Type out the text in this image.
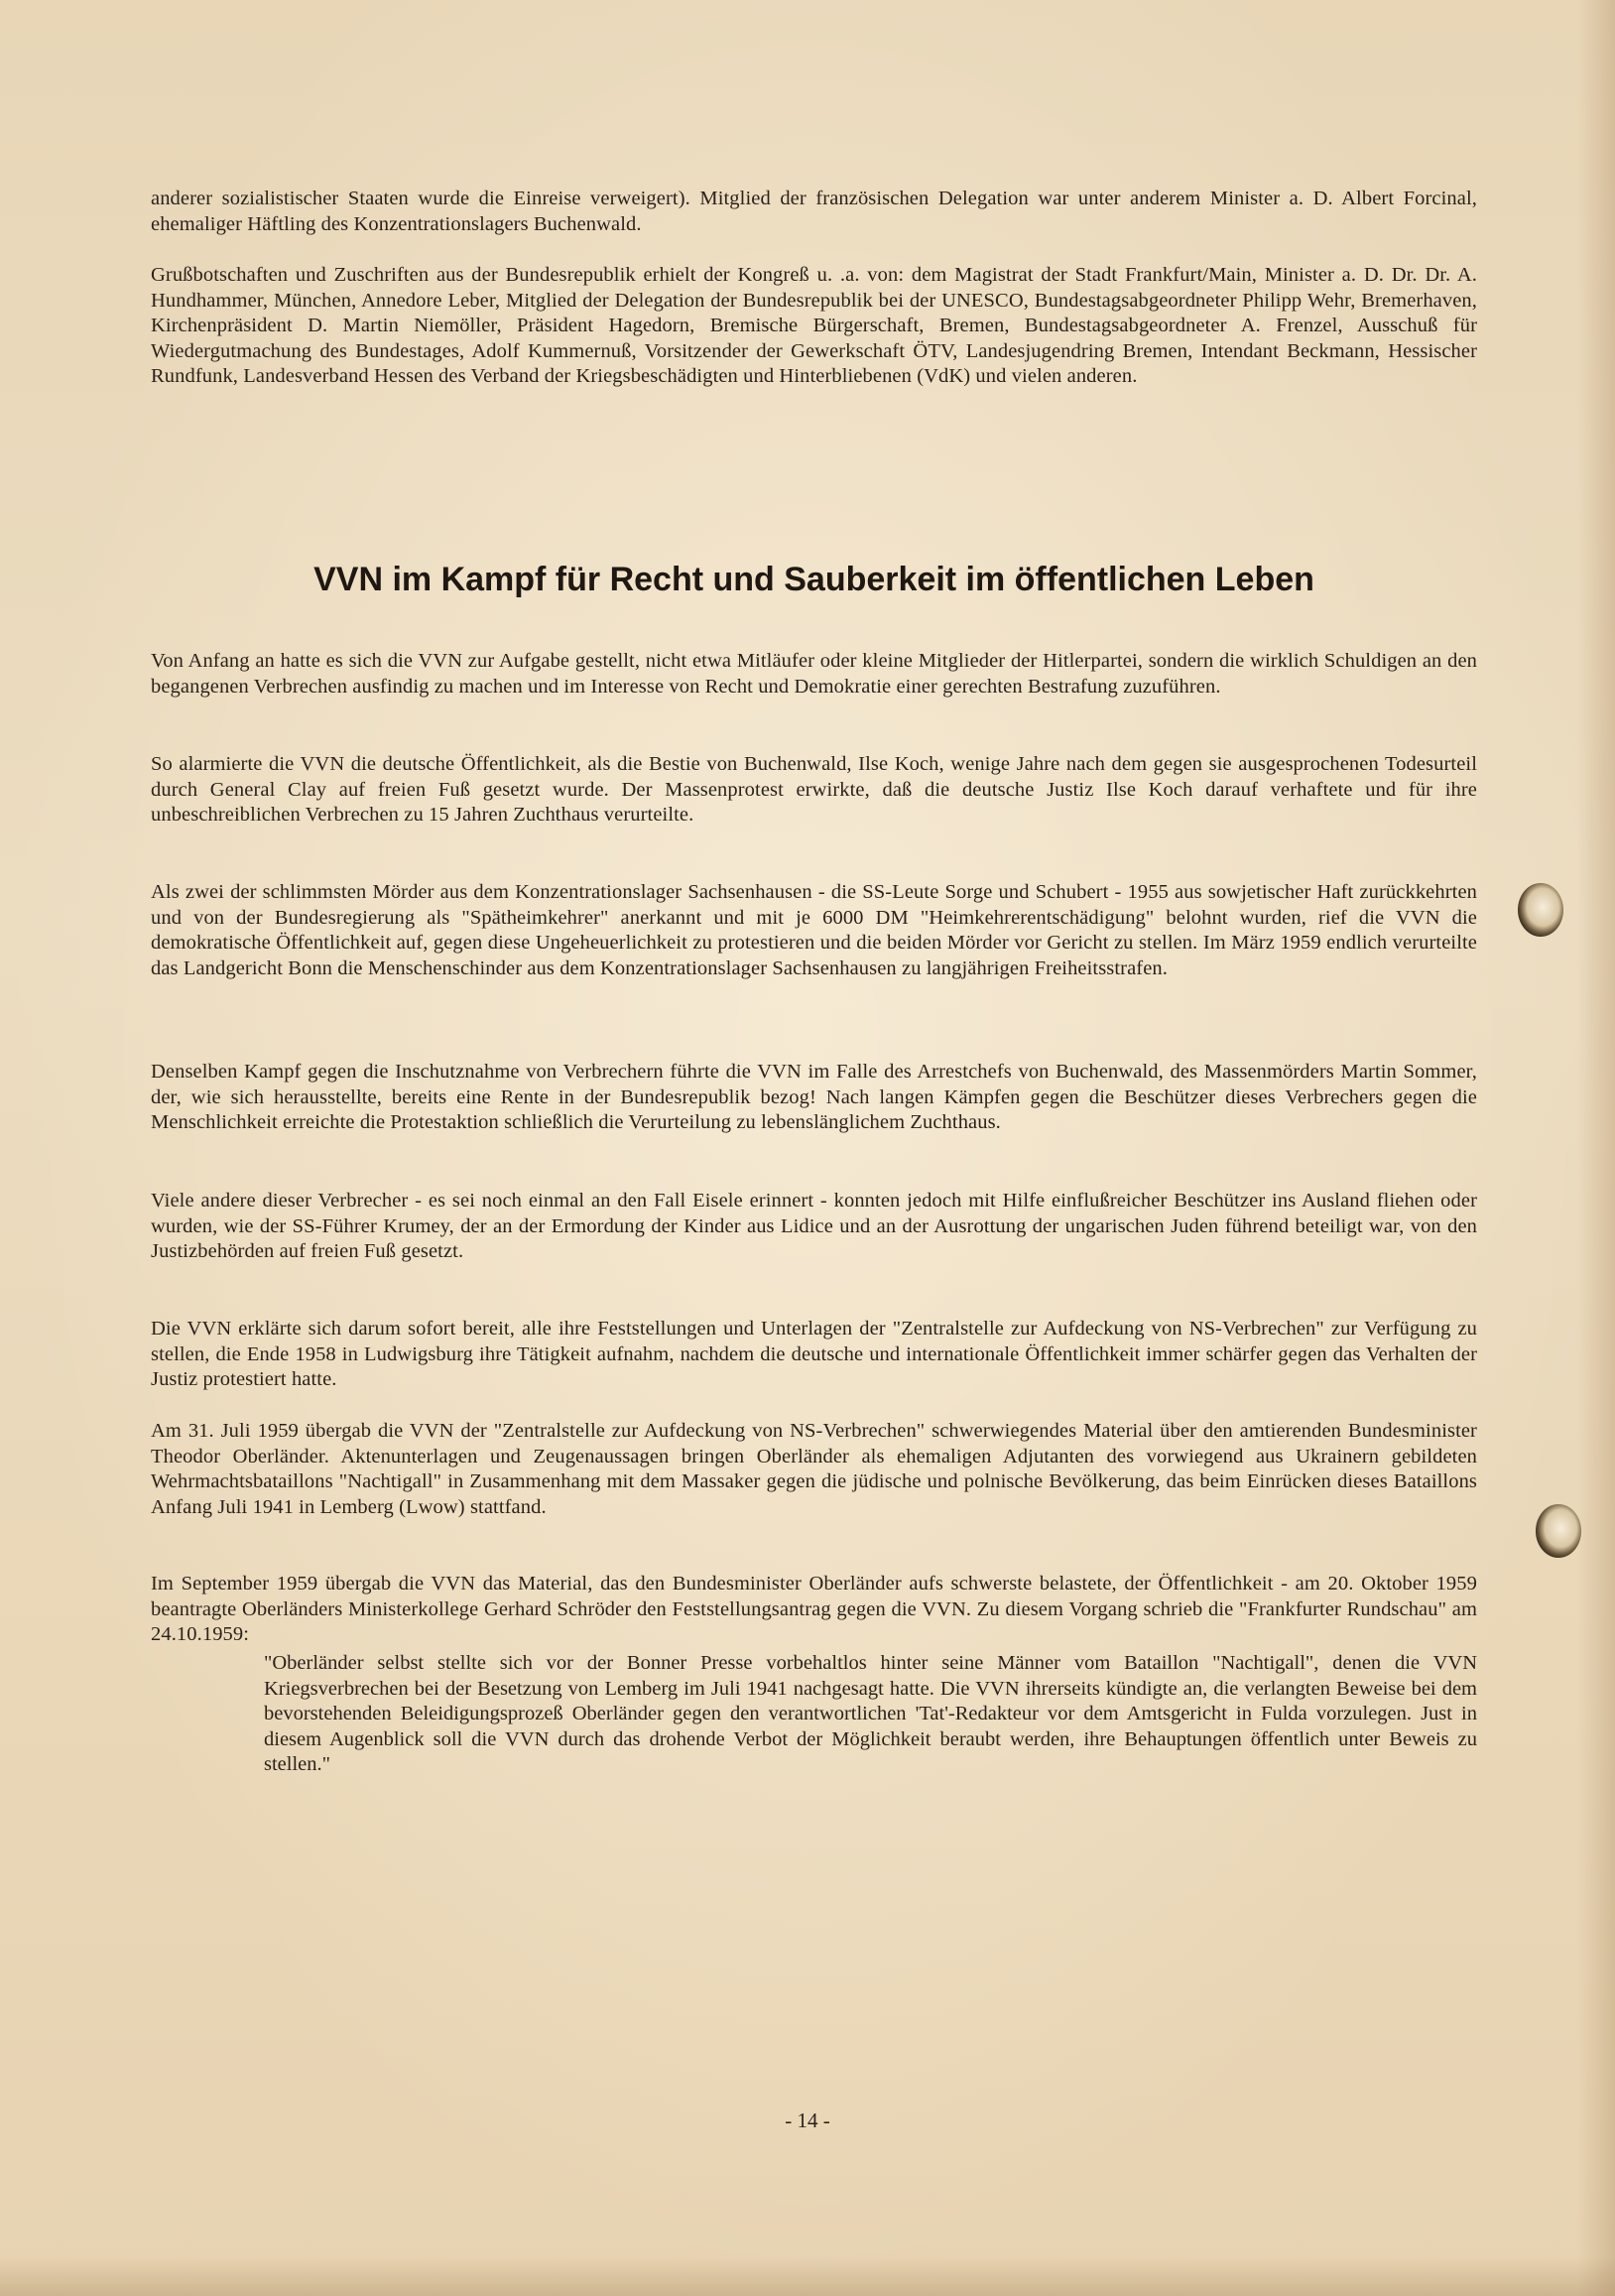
anderer sozialistischer Staaten wurde die Einreise verweigert). Mitglied der französischen Delegation war unter anderem Minister a. D. Albert Forcinal, ehemaliger Häftling des Konzentrationslagers Buchenwald.
Grußbotschaften und Zuschriften aus der Bundesrepublik erhielt der Kongreß u. .a. von: dem Magistrat der Stadt Frankfurt/Main, Minister a. D. Dr. Dr. A. Hundhammer, München, Annedore Leber, Mitglied der Delegation der Bundesrepublik bei der UNESCO, Bundestagsabgeordneter Philipp Wehr, Bremerhaven, Kirchenpräsident D. Martin Niemöller, Präsident Hagedorn, Bremische Bürgerschaft, Bremen, Bundestagsabgeordneter A. Frenzel, Ausschuß für Wiedergutmachung des Bundestages, Adolf Kummernuß, Vorsitzender der Gewerkschaft ÖTV, Landesjugendring Bremen, Intendant Beckmann, Hessischer Rundfunk, Landesverband Hessen des Verband der Kriegsbeschädigten und Hinterbliebenen (VdK) und vielen anderen.
VVN im Kampf für Recht und Sauberkeit im öffentlichen Leben
Von Anfang an hatte es sich die VVN zur Aufgabe gestellt, nicht etwa Mitläufer oder kleine Mitglieder der Hitlerpartei, sondern die wirklich Schuldigen an den begangenen Verbrechen ausfindig zu machen und im Interesse von Recht und Demokratie einer gerechten Bestrafung zuzuführen.
So alarmierte die VVN die deutsche Öffentlichkeit, als die Bestie von Buchenwald, Ilse Koch, wenige Jahre nach dem gegen sie ausgesprochenen Todesurteil durch General Clay auf freien Fuß gesetzt wurde. Der Massenprotest erwirkte, daß die deutsche Justiz Ilse Koch darauf verhaftete und für ihre unbeschreiblichen Verbrechen zu 15 Jahren Zuchthaus verurteilte.
Als zwei der schlimmsten Mörder aus dem Konzentrationslager Sachsenhausen - die SS-Leute Sorge und Schubert - 1955 aus sowjetischer Haft zurückkehrten und von der Bundesregierung als "Spätheimkehrer" anerkannt und mit je 6000 DM "Heimkehrerentschädigung" belohnt wurden, rief die VVN die demokratische Öffentlichkeit auf, gegen diese Ungeheuerlichkeit zu protestieren und die beiden Mörder vor Gericht zu stellen. Im März 1959 endlich verurteilte das Landgericht Bonn die Menschenschinder aus dem Konzentrationslager Sachsenhausen zu langjährigen Freiheitsstrafen.
Denselben Kampf gegen die Inschutznahme von Verbrechern führte die VVN im Falle des Arrestchefs von Buchenwald, des Massenmörders Martin Sommer, der, wie sich herausstellte, bereits eine Rente in der Bundesrepublik bezog! Nach langen Kämpfen gegen die Beschützer dieses Verbrechers gegen die Menschlichkeit erreichte die Protestaktion schließlich die Verurteilung zu lebenslänglichem Zuchthaus.
Viele andere dieser Verbrecher - es sei noch einmal an den Fall Eisele erinnert - konnten jedoch mit Hilfe einflußreicher Beschützer ins Ausland fliehen oder wurden, wie der SS-Führer Krumey, der an der Ermordung der Kinder aus Lidice und an der Ausrottung der ungarischen Juden führend beteiligt war, von den Justizbehörden auf freien Fuß gesetzt.
Die VVN erklärte sich darum sofort bereit, alle ihre Feststellungen und Unterlagen der "Zentralstelle zur Aufdeckung von NS-Verbrechen" zur Verfügung zu stellen, die Ende 1958 in Ludwigsburg ihre Tätigkeit aufnahm, nachdem die deutsche und internationale Öffentlichkeit immer schärfer gegen das Verhalten der Justiz protestiert hatte.
Am 31. Juli 1959 übergab die VVN der "Zentralstelle zur Aufdeckung von NS-Verbrechen" schwerwiegendes Material über den amtierenden Bundesminister Theodor Oberländer. Aktenunterlagen und Zeugenaussagen bringen Oberländer als ehemaligen Adjutanten des vorwiegend aus Ukrainern gebildeten Wehrmachtsbataillons "Nachtigall" in Zusammenhang mit dem Massaker gegen die jüdische und polnische Bevölkerung, das beim Einrücken dieses Bataillons Anfang Juli 1941 in Lemberg (Lwow) stattfand.
Im September 1959 übergab die VVN das Material, das den Bundesminister Oberländer aufs schwerste belastete, der Öffentlichkeit - am 20. Oktober 1959 beantragte Oberländers Ministerkollege Gerhard Schröder den Feststellungsantrag gegen die VVN. Zu diesem Vorgang schrieb die "Frankfurter Rundschau" am 24.10.1959:
"Oberländer selbst stellte sich vor der Bonner Presse vorbehaltlos hinter seine Männer vom Bataillon "Nachtigall", denen die VVN Kriegsverbrechen bei der Besetzung von Lemberg im Juli 1941 nachgesagt hatte. Die VVN ihrerseits kündigte an, die verlangten Beweise bei dem bevorstehenden Beleidigungsprozeß Oberländer gegen den verantwortlichen 'Tat'-Redakteur vor dem Amtsgericht in Fulda vorzulegen. Just in diesem Augenblick soll die VVN durch das drohende Verbot der Möglichkeit beraubt werden, ihre Behauptungen öffentlich unter Beweis zu stellen."
- 14 -
